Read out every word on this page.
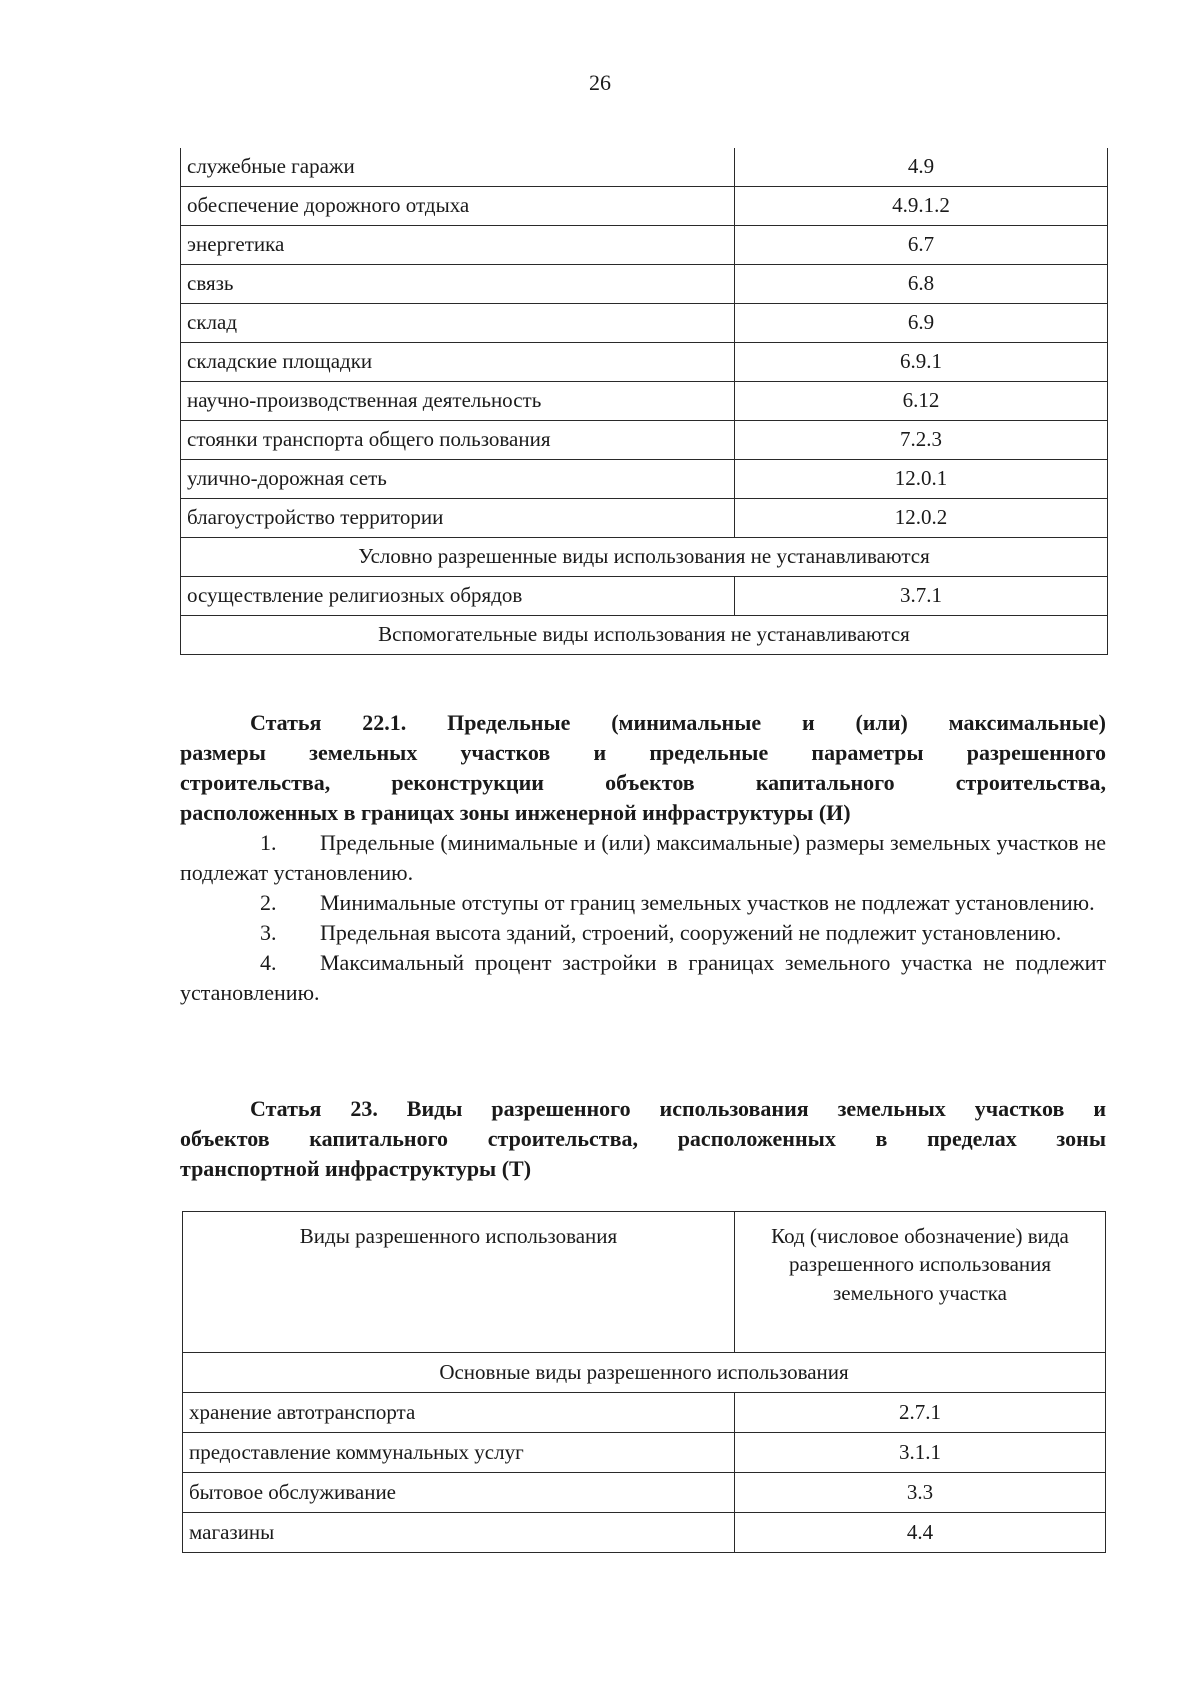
26
служебные гаражи	4.9
обеспечение дорожного отдыха	4.9.1.2
энергетика	6.7
связь	6.8
склад	6.9
складские площадки	6.9.1
научно-производственная деятельность	6.12
стоянки транспорта общего пользования	7.2.3
улично-дорожная сеть	12.0.1
благоустройство территории	12.0.2
Условно разрешенные виды использования не устанавливаются	
осуществление религиозных обрядов	3.7.1
Вспомогательные виды использования не устанавливаются	

Статья 22.1. Предельные (минимальные и (или) максимальные)

размеры земельных участков и предельные параметры разрешенного

строительства, реконструкции объектов капитального строительства,

расположенных в границах зоны инженерной инфраструктуры (И)

1. Предельные (минимальные и (или) максимальные) размеры земельных участков не подлежат установлению.

2. Минимальные отступы от границ земельных участков не подлежат установлению.

3. Предельная высота зданий, строений, сооружений не подлежит установлению.

4. Максимальный процент застройки в границах земельного участка не подлежит установлению.

Статья 23. Виды разрешенного использования земельных участков и

объектов капитального строительства, расположенных в пределах зоны

транспортной инфраструктуры (Т)

Виды разрешенного использования	Код (числовое обозначение) вида разрешенного использования земельного участка
Основные виды разрешенного использования	
хранение автотранспорта	2.7.1
предоставление коммунальных услуг	3.1.1
бытовое обслуживание	3.3
магазины	4.4
